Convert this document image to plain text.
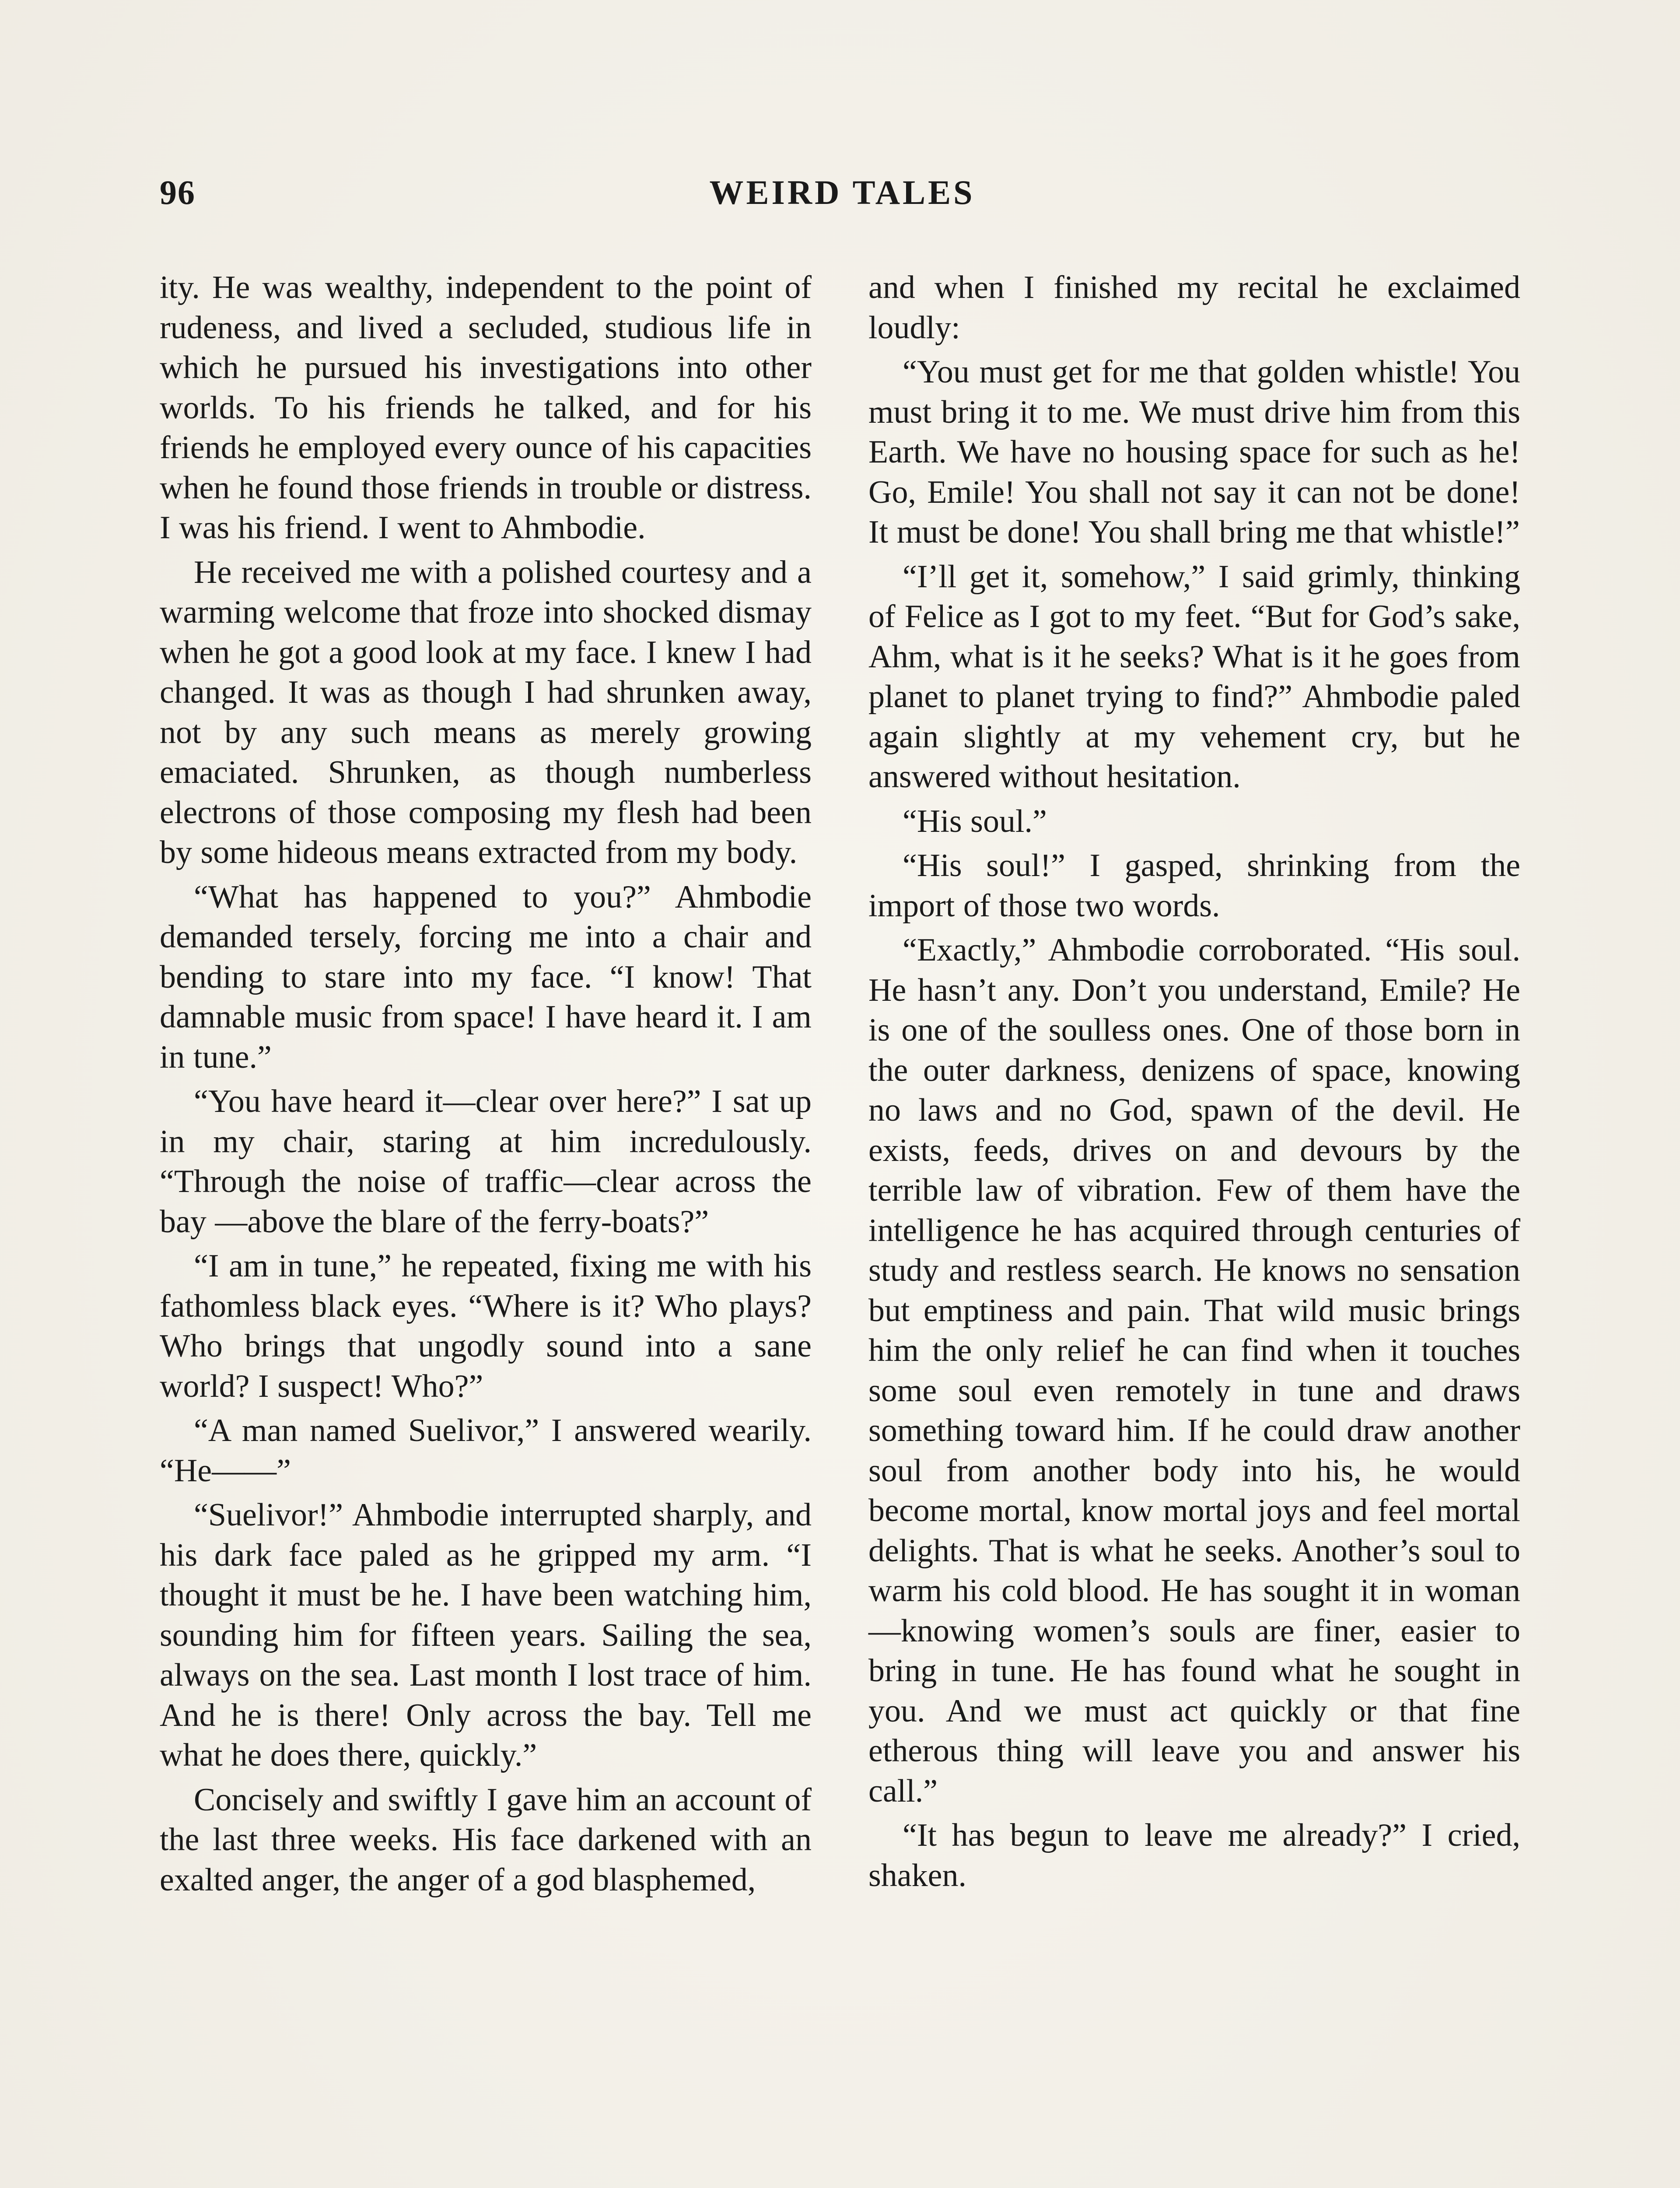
96	WEIRD TALES

ity. He was wealthy, independent to the point of rudeness, and lived a secluded, studious life in which he pursued his investigations into other worlds. To his friends he talked, and for his friends he employed every ounce of his capacities when he found those friends in trouble or distress. I was his friend. I went to Ahmbodie.

He received me with a polished courtesy and a warming welcome that froze into shocked dismay when he got a good look at my face. I knew I had changed. It was as though I had shrunken away, not by any such means as merely growing emaciated. Shrunken, as though numberless electrons of those composing my flesh had been by some hideous means extracted from my body.

“What has happened to you?” Ahmbodie demanded tersely, forcing me into a chair and bending to stare into my face. “I know! That damnable music from space! I have heard it. I am in tune.”

“You have heard it—clear over here?” I sat up in my chair, staring at him incredulously. “Through the noise of traffic—clear across the bay —above the blare of the ferry-boats?”

“I am in tune,” he repeated, fixing me with his fathomless black eyes. “Where is it? Who plays? Who brings that ungodly sound into a sane world? I suspect! Who?”

“A man named Suelivor,” I answered wearily. “He——”

“Suelivor!” Ahmbodie interrupted sharply, and his dark face paled as he gripped my arm. “I thought it must be he. I have been watching him, sounding him for fifteen years. Sailing the sea, always on the sea. Last month I lost trace of him. And he is there! Only across the bay. Tell me what he does there, quickly.”

Concisely and swiftly I gave him an account of the last three weeks. His face darkened with an exalted anger, the anger of a god blasphemed,

and when I finished my recital he exclaimed loudly:

“You must get for me that golden whistle! You must bring it to me. We must drive him from this Earth. We have no housing space for such as he! Go, Emile! You shall not say it can not be done! It must be done! You shall bring me that whistle!”

“I’ll get it, somehow,” I said grimly, thinking of Felice as I got to my feet. “But for God’s sake, Ahm, what is it he seeks? What is it he goes from planet to planet trying to find?” Ahmbodie paled again slightly at my vehement cry, but he answered without hesitation.

“His soul.”

“His soul!” I gasped, shrinking from the import of those two words.

“Exactly,” Ahmbodie corroborated. “His soul. He hasn’t any. Don’t you understand, Emile? He is one of the soulless ones. One of those born in the outer darkness, denizens of space, knowing no laws and no God, spawn of the devil. He exists, feeds, drives on and devours by the terrible law of vibration. Few of them have the intelligence he has acquired through centuries of study and restless search. He knows no sensation but emptiness and pain. That wild music brings him the only relief he can find when it touches some soul even remotely in tune and draws something toward him. If he could draw another soul from another body into his, he would become mortal, know mortal joys and feel mortal delights. That is what he seeks. Another’s soul to warm his cold blood. He has sought it in woman—knowing women’s souls are finer, easier to bring in tune. He has found what he sought in you. And we must act quickly or that fine etherous thing will leave you and answer his call.”

“It has begun to leave me already?” I cried, shaken.
